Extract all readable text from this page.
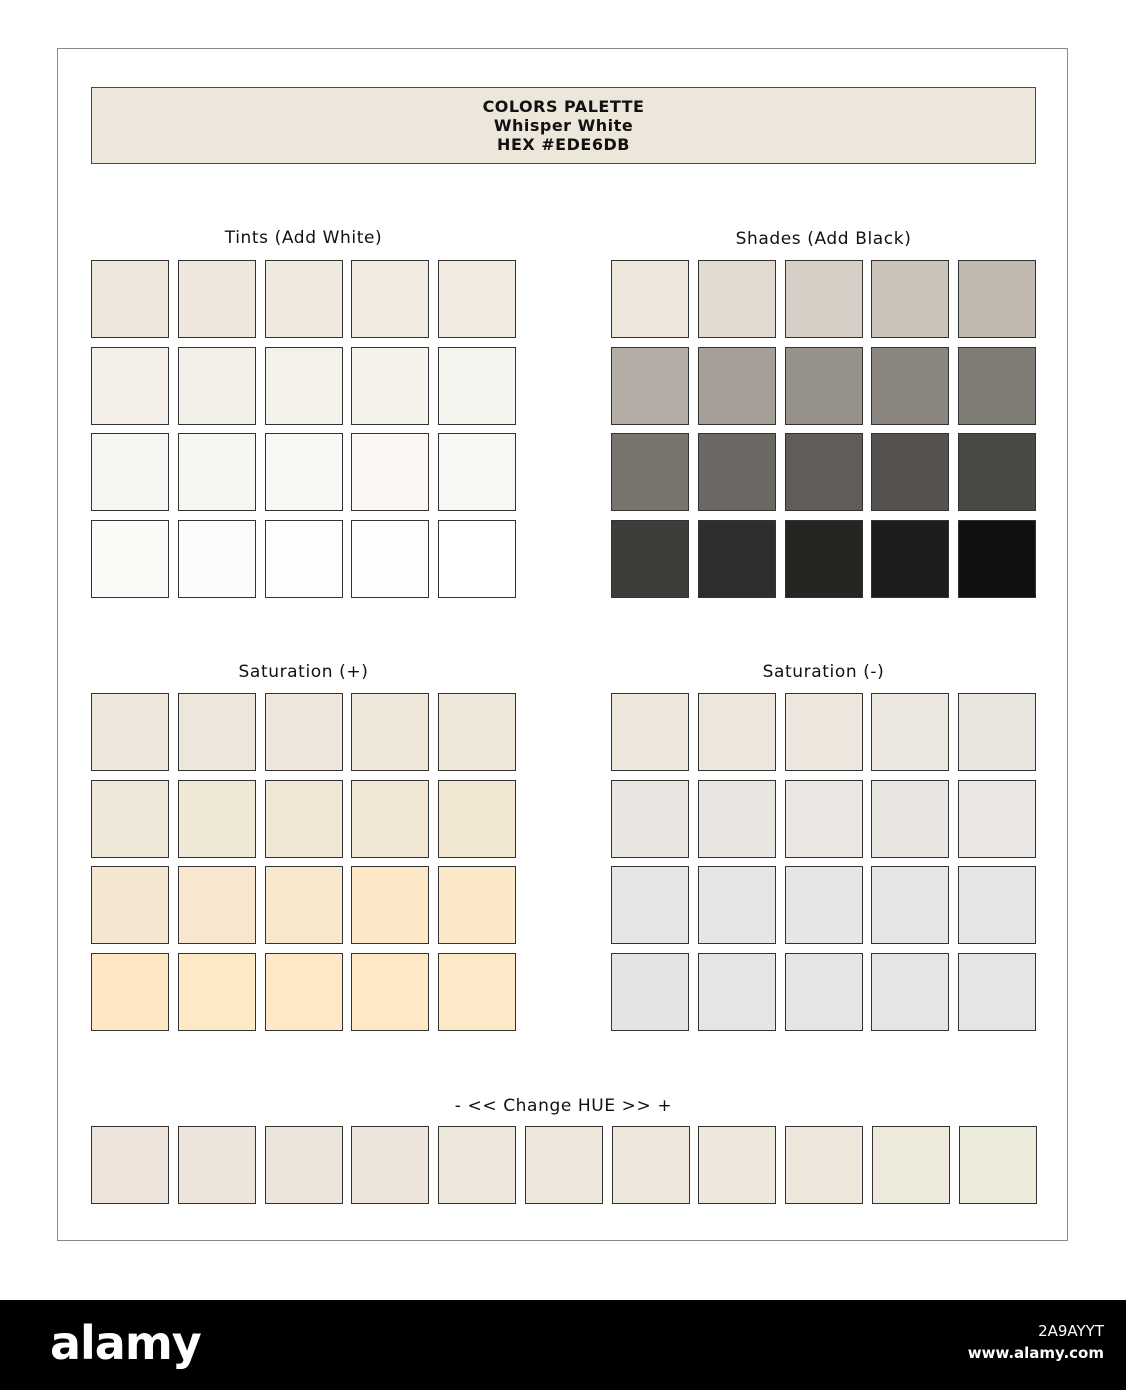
COLORS PALETTE
Whisper White
HEX #EDE6DB
Tints (Add White)	Shades (Add Black)
Saturation (+)	Saturation (-)
- << Change HUE >> +
alamy	2A9AYYT
www.alamy.com
